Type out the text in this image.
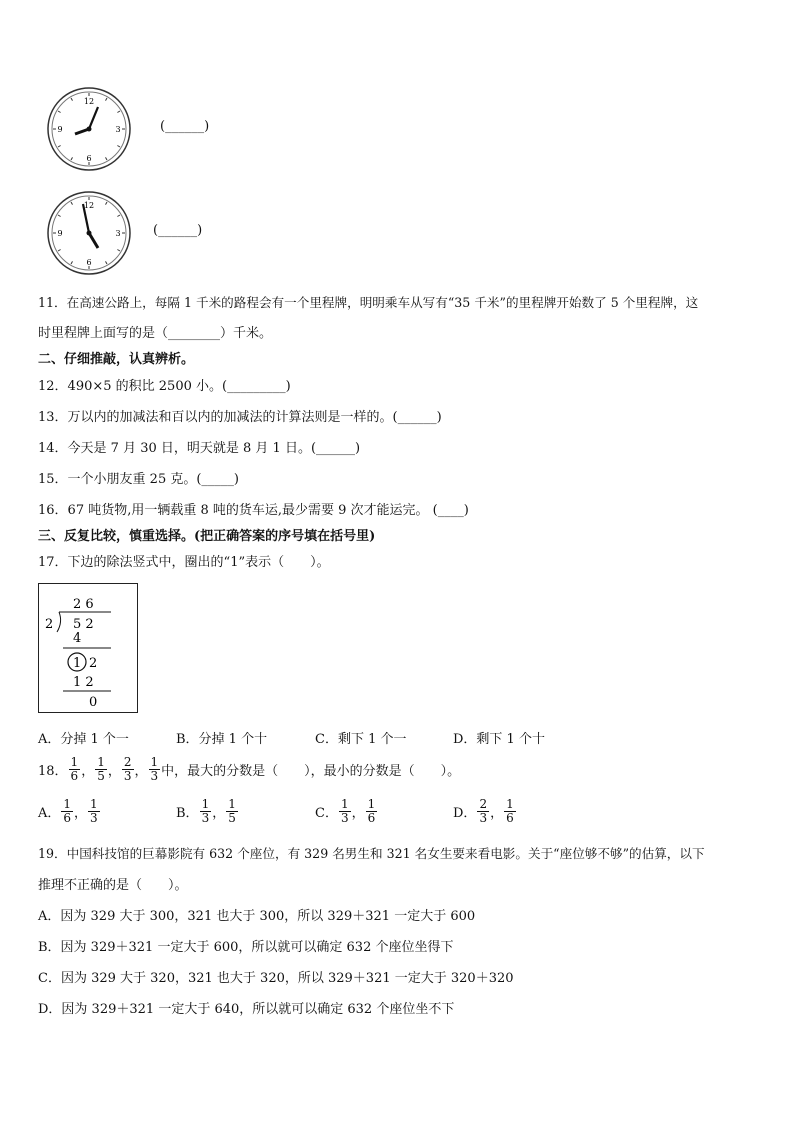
12
3
6
9	(______)
12
3
6
9	(______)
11．在高速公路上，每隔 1 千米的路程会有一个里程牌，明明乘车从写有“35 千米”的里程牌开始数了 5 个里程牌，这
时里程牌上面写的是（________）千米。
二、仔细推敲，认真辨析。
12．490×5 的积比 2500 小。(_________)
13．万以内的加减法和百以内的加减法的计算法则是一样的。(______)
14．今天是 7 月 30 日，明天就是 8 月 1 日。(______)
15．一个小朋友重 25 克。(_____)
16．67 吨货物,用一辆载重 8 吨的货车运,最少需要 9 次才能运完。 (____)
三、反复比较，慎重选择。(把正确答案的序号填在括号里)
17．下边的除法竖式中，圈出的“1”表示（　　）。
2 6
2 5 2
4
1 2
1 2
0
A．分掉 1 个一	B．分掉 1 个十	C．剩下 1 个一	D．剩下 1 个十
18． $\frac{1}{6}$ ， $\frac{1}{5}$ ， $\frac{2}{3}$ ， $\frac{1}{3}$ 中，最大的分数是（　　），最小的分数是（　　）。
A． $\frac{1}{6}$ ， $\frac{1}{3}$	B． $\frac{1}{3}$ ， $\frac{1}{5}$	C． $\frac{1}{3}$ ， $\frac{1}{6}$	D． $\frac{2}{3}$ ， $\frac{1}{6}$
19．中国科技馆的巨幕影院有 632 个座位，有 329 名男生和 321 名女生要来看电影。关于“座位够不够”的估算，以下
推理不正确的是（　　）。
A．因为 329 大于 300，321 也大于 300，所以 329＋321 一定大于 600
B．因为 329＋321 一定大于 600，所以就可以确定 632 个座位坐得下
C．因为 329 大于 320，321 也大于 320，所以 329＋321 一定大于 320＋320
D．因为 329＋321 一定大于 640，所以就可以确定 632 个座位坐不下
